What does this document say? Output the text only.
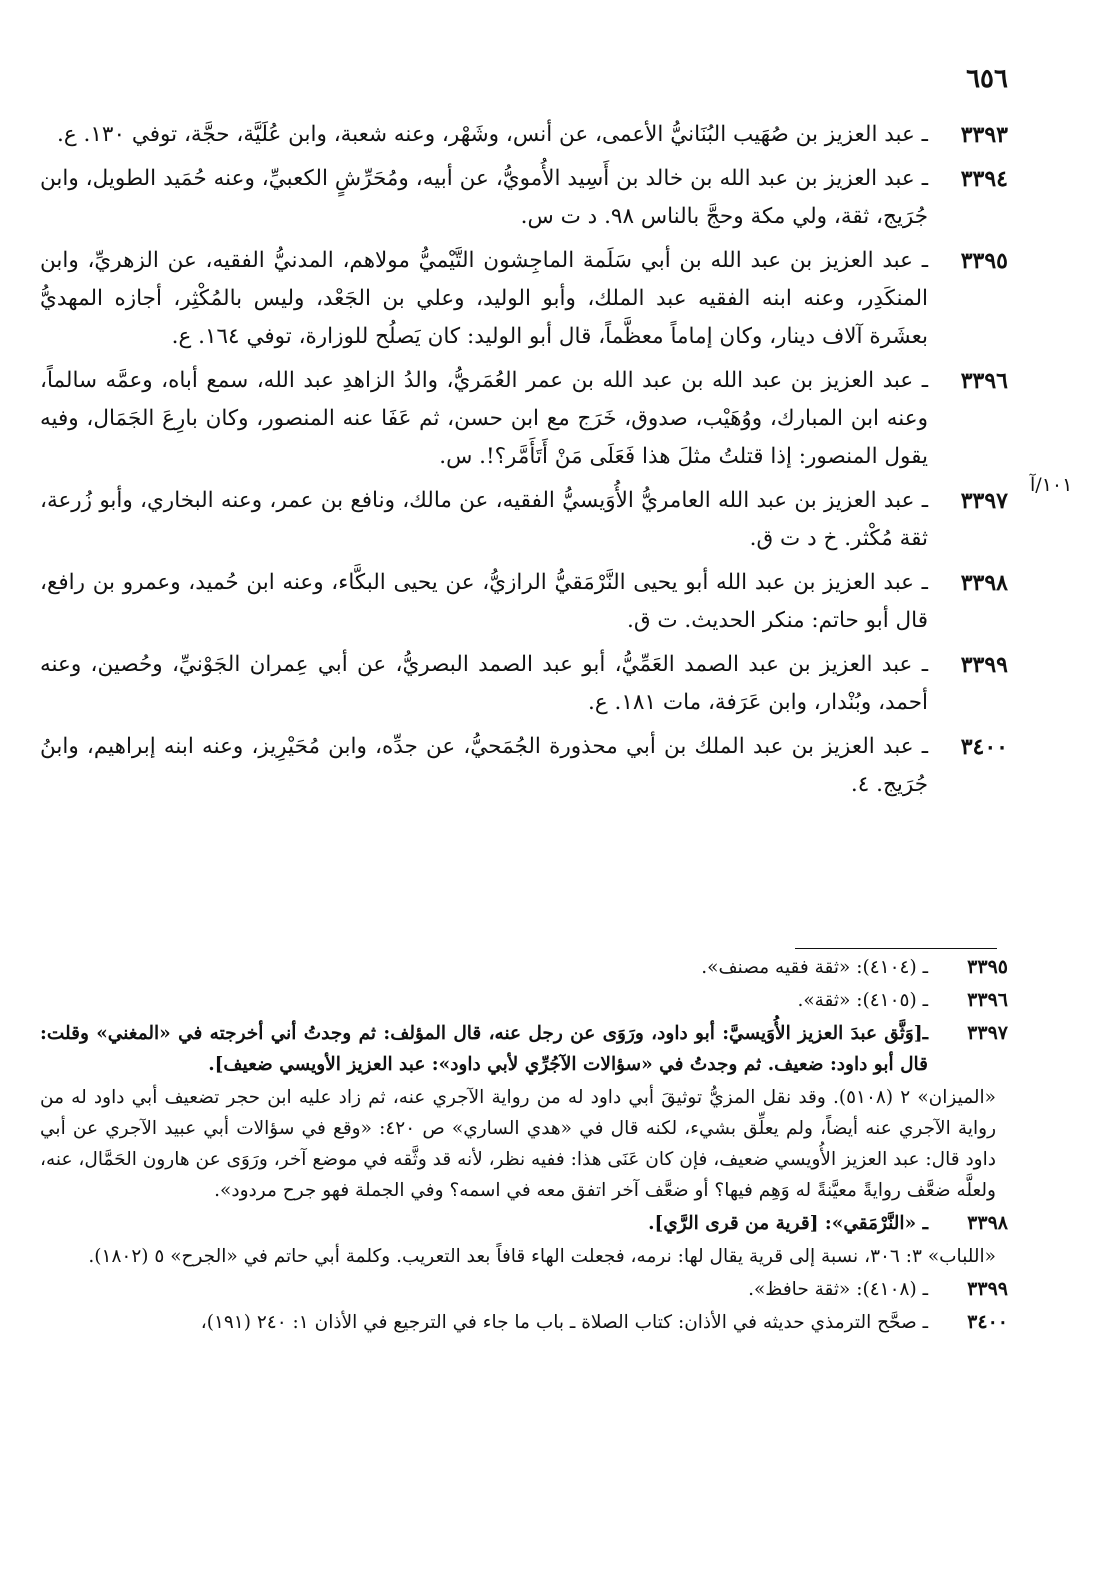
٦٥٦
٣٣٩٣
ـ عبد العزيز بن صُهَيب البُنَانيُّ الأعمى، عن أنس، وشَهْر، وعنه شعبة، وابن عُلَيَّة، حجَّة، توفي ١٣٠. ع.
٣٣٩٤
ـ عبد العزيز بن عبد الله بن خالد بن أَسِيد الأُمويُّ، عن أبيه، ومُحَرِّشٍ الكعبيِّ، وعنه حُمَيد الطويل، وابن جُرَيج، ثقة، ولي مكة وحجَّ بالناس ٩٨. د ت س.
٣٣٩٥
ـ عبد العزيز بن عبد الله بن أبي سَلَمة الماجِشون التَّيْميُّ مولاهم، المدنيُّ الفقيه، عن الزهريِّ، وابن المنكَدِر، وعنه ابنه الفقيه عبد الملك، وأبو الوليد، وعلي بن الجَعْد، وليس بالمُكْثِر، أجازه المهديُّ بعشَرة آلاف دينار، وكان إماماً معظَّماً، قال أبو الوليد: كان يَصلُح للوزارة، توفي ١٦٤. ع.
٣٣٩٦
ـ عبد العزيز بن عبد الله بن عبد الله بن عمر العُمَريُّ، والدُ الزاهدِ عبد الله، سمع أباه، وعمَّه سالماً، وعنه ابن المبارك، ووُهَيْب، صدوق، خَرَج مع ابن حسن، ثم عَفَا عنه المنصور، وكان بارِعَ الجَمَال، وفيه يقول المنصور: إذا قتلتُ مثلَ هذا فَعَلَى مَنْ أَتَأَمَّر؟!. س.
٣٣٩٧
ـ عبد العزيز بن عبد الله العامريُّ الأُوَيسيُّ الفقيه، عن مالك، ونافع بن عمر، وعنه البخاري، وأبو زُرعة، ثقة مُكْثر. خ د ت ق.
٣٣٩٨
ـ عبد العزيز بن عبد الله أبو يحيى النَّرْمَقيُّ الرازيُّ، عن يحيى البكَّاء، وعنه ابن حُميد، وعمرو بن رافع، قال أبو حاتم: منكر الحديث. ت ق.
٣٣٩٩
ـ عبد العزيز بن عبد الصمد العَمِّيُّ، أبو عبد الصمد البصريُّ، عن أبي عِمران الجَوْنيِّ، وحُصين، وعنه أحمد، وبُنْدار، وابن عَرَفة، مات ١٨١. ع.
٣٤٠٠
ـ عبد العزيز بن عبد الملك بن أبي محذورة الجُمَحيُّ، عن جدِّه، وابن مُحَيْرِيز، وعنه ابنه إبراهيم، وابنُ جُرَيج. ٤.
١٠١/آ
٣٣٩٥
ـ (٤١٠٤): «ثقة فقيه مصنف».
٣٣٩٦
ـ (٤١٠٥): «ثقة».
٣٣٩٧
ـ[وَثَّق عبدَ العزيز الأُوَيسيَّ: أبو داود، ورَوَى عن رجل عنه، قال المؤلف: ثم وجدتُ أني أخرجته في «المغني» وقلت: قال أبو داود: ضعيف. ثم وجدتُ في «سؤالات الآجُرِّي لأبي داود»: عبد العزيز الأويسي ضعيف].
«الميزان» ٢ (٥١٠٨). وقد نقل المزيُّ توثيقَ أبي داود له من رواية الآجري عنه، ثم زاد عليه ابن حجر تضعيف أبي داود له من رواية الآجري عنه أيضاً، ولم يعلِّق بشيء، لكنه قال في «هدي الساري» ص ٤٢٠: «وقع في سؤالات أبي عبيد الآجري عن أبي داود قال: عبد العزيز الأُويسي ضعيف، فإن كان عَنَى هذا: ففيه نظر، لأنه قد وثَّقه في موضع آخر، ورَوَى عن هارون الحَمَّال، عنه، ولعلَّه ضعَّف روايةً معيَّنةً له وَهِم فيها؟ أو ضعَّف آخر اتفق معه في اسمه؟ وفي الجملة فهو جرح مردود».
٣٣٩٨
ـ «النَّرْمَقي»: [قرية من قرى الرَّي].
«اللباب» ٣: ٣٠٦، نسبة إلى قرية يقال لها: نرمه، فجعلت الهاء قافاً بعد التعريب. وكلمة أبي حاتم في «الجرح» ٥ (١٨٠٢).
٣٣٩٩
ـ (٤١٠٨): «ثقة حافظ».
٣٤٠٠
ـ صحَّح الترمذي حديثه في الأذان: كتاب الصلاة ـ باب ما جاء في الترجيع في الأذان ١: ٢٤٠ (١٩١)،
